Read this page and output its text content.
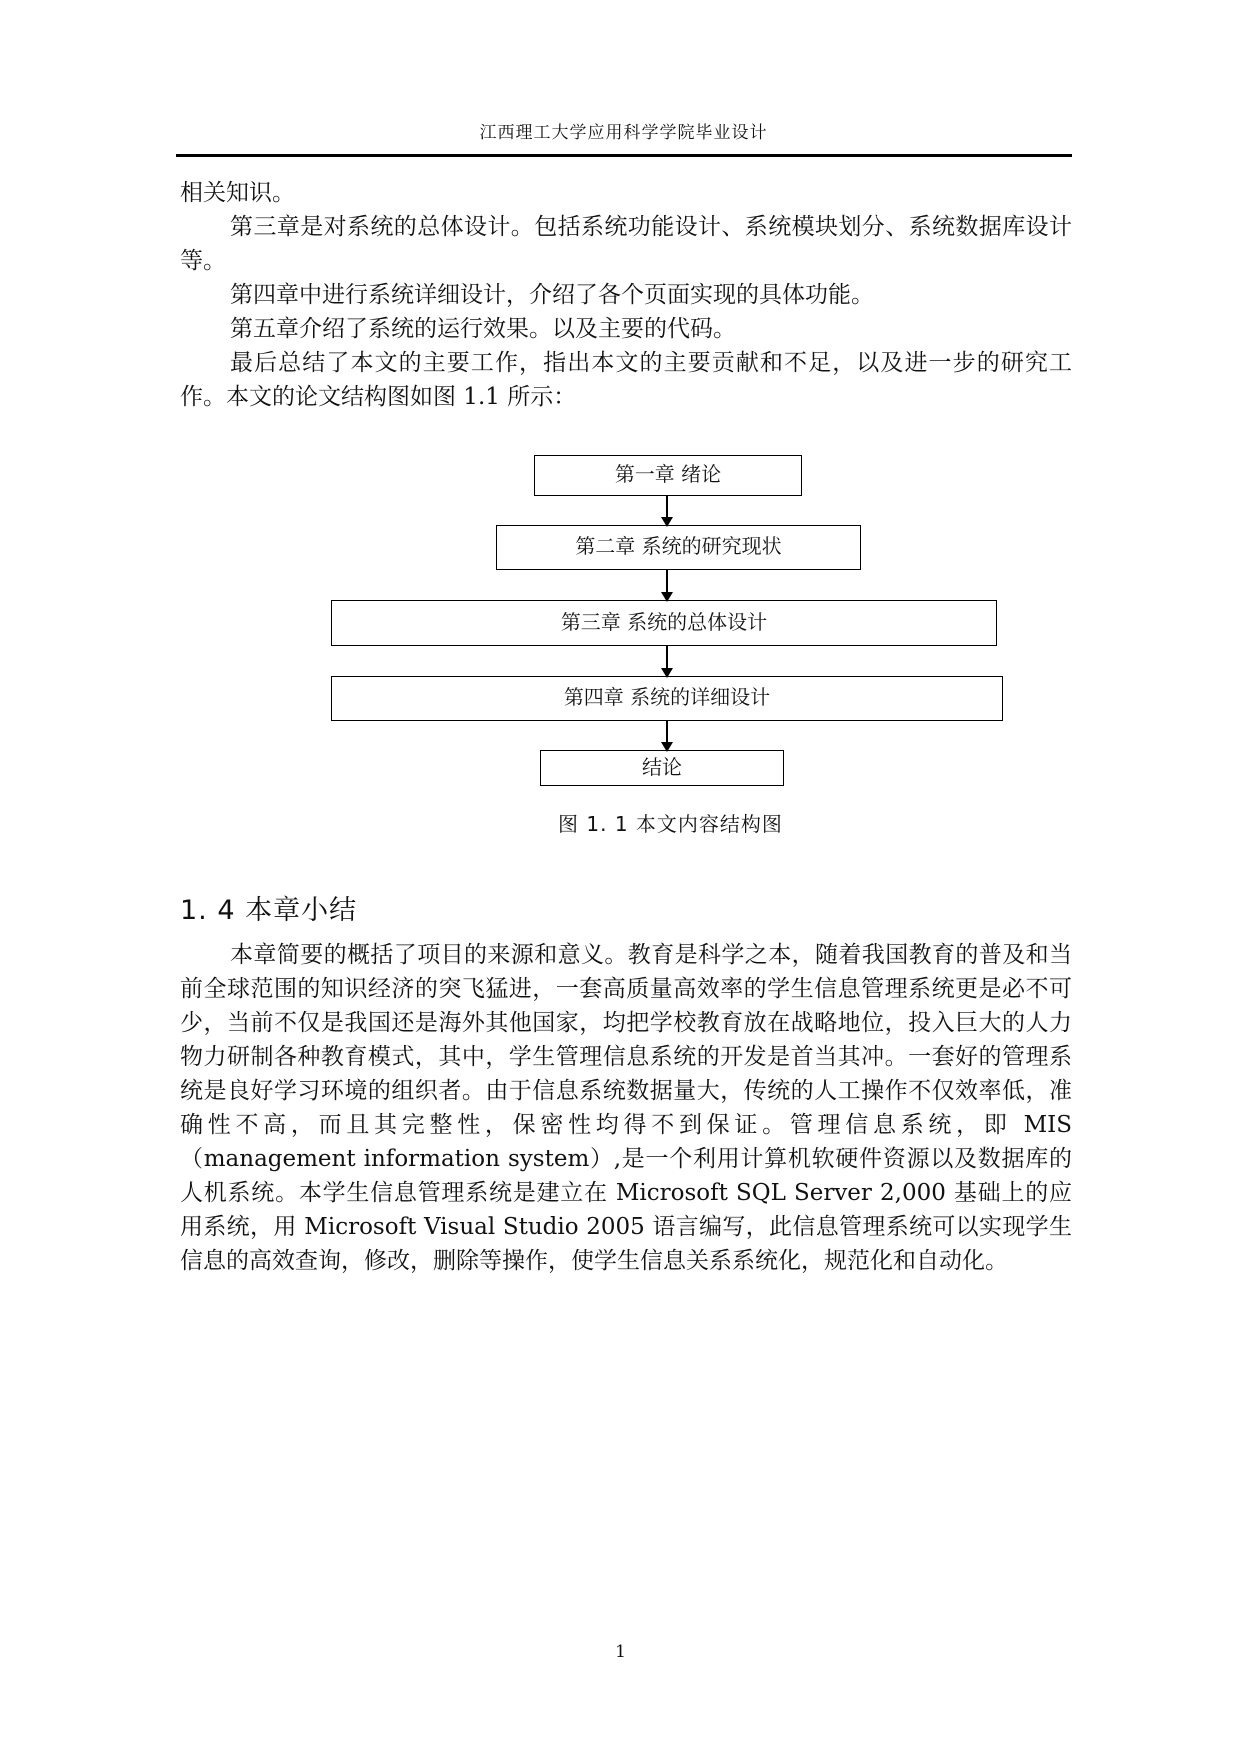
江西理工大学应用科学学院毕业设计

相关知识。

第三章是对系统的总体设计。包括系统功能设计、系统模块划分、系统数据库设计等。

第四章中进行系统详细设计，介绍了各个页面实现的具体功能。

第五章介绍了系统的运行效果。以及主要的代码。

最后总结了本文的主要工作，指出本文的主要贡献和不足，以及进一步的研究工作。本文的论文结构图如图 1.1 所示：

第一章 绪论
第二章 系统的研究现状
第三章 系统的总体设计
第四章 系统的详细设计
结论
图 1. 1 本文内容结构图
1. 4 本章小结

本章简要的概括了项目的来源和意义。教育是科学之本，随着我国教育的普及和当前全球范围的知识经济的突飞猛进，一套高质量高效率的学生信息管理系统更是必不可少，当前不仅是我国还是海外其他国家，均把学校教育放在战略地位，投入巨大的人力物力研制各种教育模式，其中，学生管理信息系统的开发是首当其冲。一套好的管理系统是良好学习环境的组织者。由于信息系统数据量大，传统的人工操作不仅效率低，准确性不高，而且其完整性，保密性均得不到保证。管理信息系统，即 MIS（management information system）,是一个利用计算机软硬件资源以及数据库的人机系统。本学生信息管理系统是建立在 Microsoft SQL Server 2,000 基础上的应用系统，用 Microsoft Visual Studio 2005 语言编写，此信息管理系统可以实现学生信息的高效查询，修改，删除等操作，使学生信息关系系统化，规范化和自动化。

1
